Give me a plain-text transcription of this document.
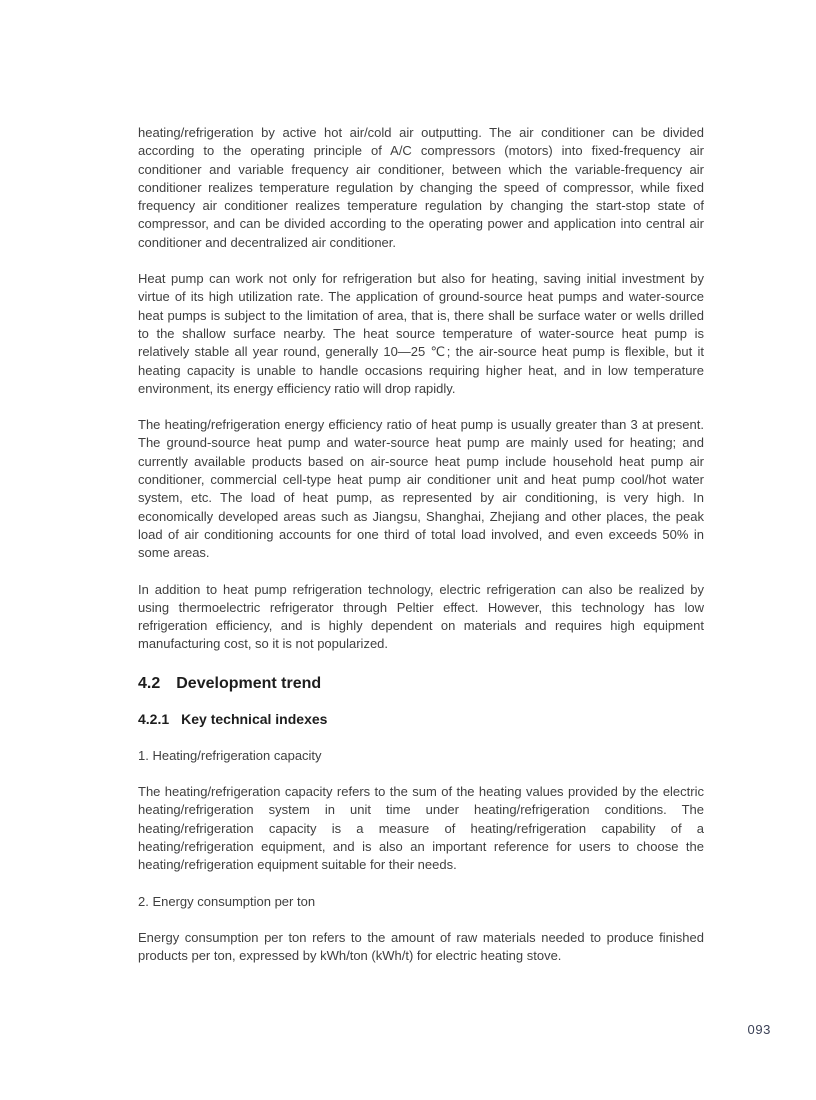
heating/refrigeration by active hot air/cold air outputting. The air conditioner can be divided according to the operating principle of A/C compressors (motors) into fixed-frequency air conditioner and variable frequency air conditioner, between which the variable-frequency air conditioner realizes temperature regulation by changing the speed of compressor, while fixed frequency air conditioner realizes temperature regulation by changing the start-stop state of compressor, and can be divided according to the operating power and application into central air conditioner and decentralized air conditioner.

Heat pump can work not only for refrigeration but also for heating, saving initial investment by virtue of its high utilization rate. The application of ground-source heat pumps and water-source heat pumps is subject to the limitation of area, that is, there shall be surface water or wells drilled to the shallow surface nearby. The heat source temperature of water-source heat pump is relatively stable all year round, generally 10—25 ℃; the air-source heat pump is flexible, but it heating capacity is unable to handle occasions requiring higher heat, and in low temperature environment, its energy efficiency ratio will drop rapidly.

The heating/refrigeration energy efficiency ratio of heat pump is usually greater than 3 at present. The ground-source heat pump and water-source heat pump are mainly used for heating; and currently available products based on air-source heat pump include household heat pump air conditioner, commercial cell-type heat pump air conditioner unit and heat pump cool/hot water system, etc. The load of heat pump, as represented by air conditioning, is very high. In economically developed areas such as Jiangsu, Shanghai, Zhejiang and other places, the peak load of air conditioning accounts for one third of total load involved, and even exceeds 50% in some areas.

In addition to heat pump refrigeration technology, electric refrigeration can also be realized by using thermoelectric refrigerator through Peltier effect. However, this technology has low refrigeration efficiency, and is highly dependent on materials and requires high equipment manufacturing cost, so it is not popularized.

4.2 Development trend
4.2.1 Key technical indexes

1. Heating/refrigeration capacity

The heating/refrigeration capacity refers to the sum of the heating values provided by the electric heating/refrigeration system in unit time under heating/refrigeration conditions. The heating/refrigeration capacity is a measure of heating/refrigeration capability of a heating/refrigeration equipment, and is also an important reference for users to choose the heating/refrigeration equipment suitable for their needs.

2. Energy consumption per ton

Energy consumption per ton refers to the amount of raw materials needed to produce finished products per ton, expressed by kWh/ton (kWh/t) for electric heating stove.

093
